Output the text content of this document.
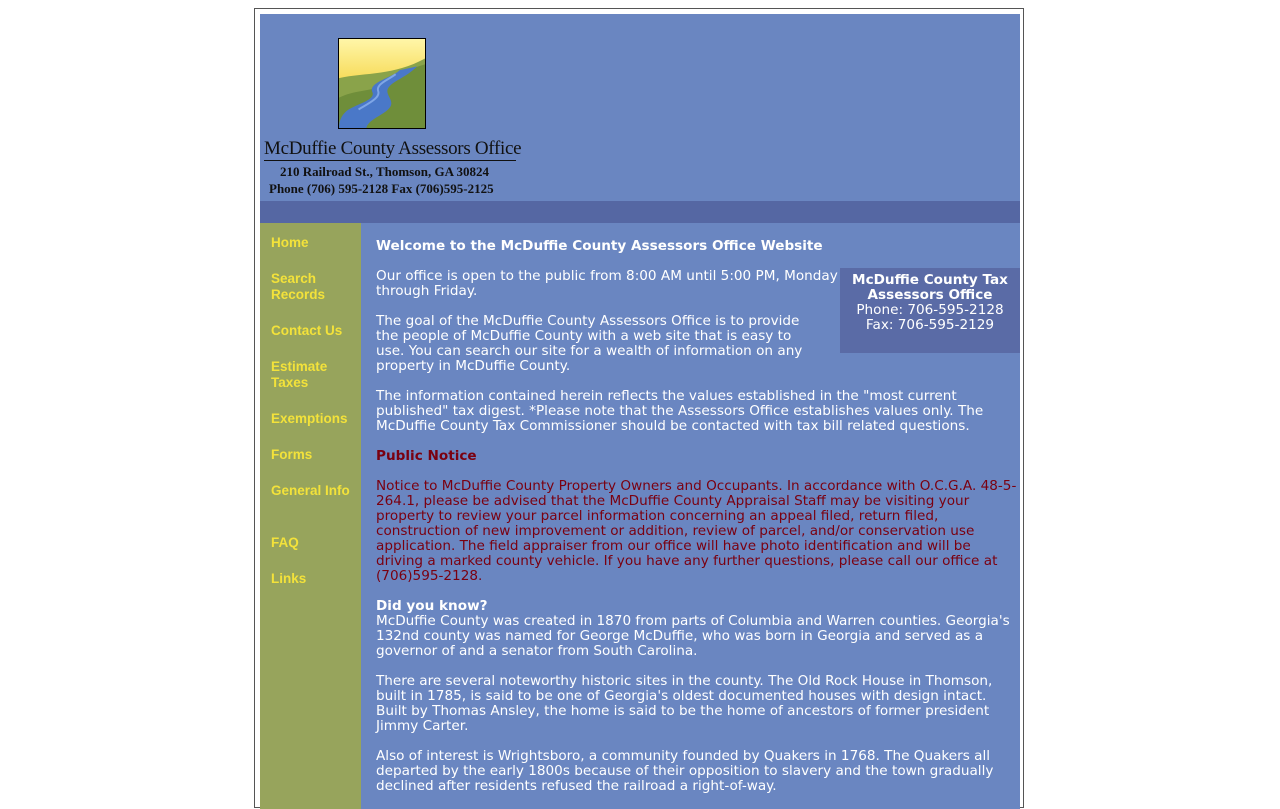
McDuffie County Assessors Office
210 Railroad St., Thomson, GA 30824
Phone (706) 595-2128 Fax (706)595-2125
Home
Search Records
Contact Us
Estimate Taxes
Exemptions
Forms
General Info
FAQ
Links
Welcome to the McDuffie County Assessors Office Website
McDuffie County Tax Assessors Office
Phone: 706-595-2128
Fax: 706-595-2129

Our office is open to the public from 8:00 AM until 5:00 PM, Monday through Friday.

The goal of the McDuffie County Assessors Office is to provide the people of McDuffie County with a web site that is easy to use. You can search our site for a wealth of information on any property in McDuffie County.

The information contained herein reflects the values established in the "most current published" tax digest. *Please note that the Assessors Office establishes values only. The McDuffie County Tax Commissioner should be contacted with tax bill related questions.

Public Notice

Notice to McDuffie County Property Owners and Occupants. In accordance with O.C.G.A. 48-5-264.1, please be advised that the McDuffie County Appraisal Staff may be visiting your property to review your parcel information concerning an appeal filed, return filed, construction of new improvement or addition, review of parcel, and/or conservation use application. The field appraiser from our office will have photo identification and will be driving a marked county vehicle. If you have any further questions, please call our office at (706)595-2128.

Did you know?

McDuffie County was created in 1870 from parts of Columbia and Warren counties. Georgia's 132nd county was named for George McDuffie, who was born in Georgia and served as a governor of and a senator from South Carolina.

There are several noteworthy historic sites in the county. The Old Rock House in Thomson, built in 1785, is said to be one of Georgia's oldest documented houses with design intact. Built by Thomas Ansley, the home is said to be the home of ancestors of former president Jimmy Carter.

Also of interest is Wrightsboro, a community founded by Quakers in 1768. The Quakers all departed by the early 1800s because of their opposition to slavery and the town gradually declined after residents refused the railroad a right-of-way.
